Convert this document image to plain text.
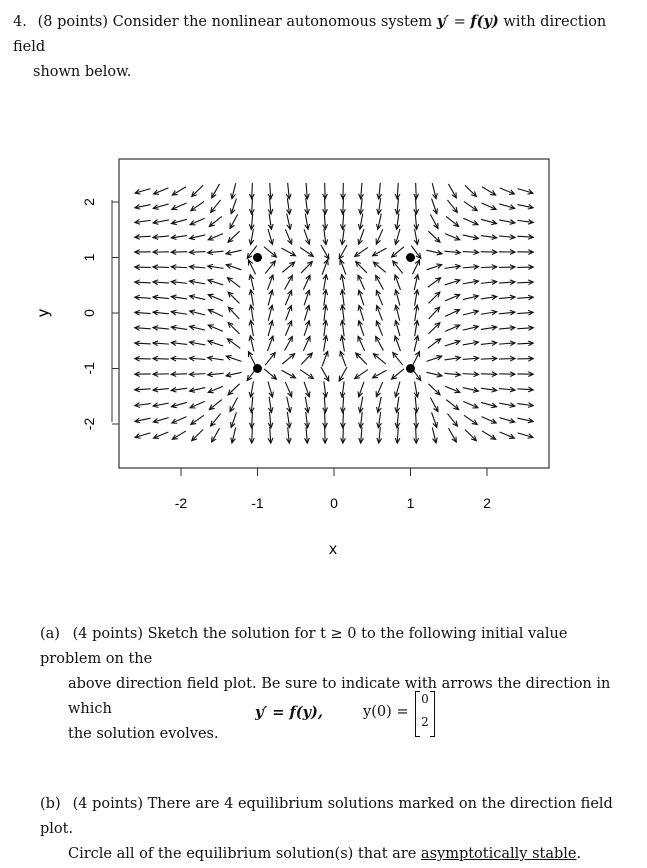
4. (8 points) Consider the nonlinear autonomous system y′ = f(y) with direction field
shown below.
-2	-1	0	1	2
-2
-1
0
1
2
x
y
(a) (4 points) Sketch the solution for t ≥ 0 to the following initial value problem on the
above direction field plot. Be sure to indicate with arrows the direction in which
the solution evolves.
y′ = f(y),	y(0) =
0
2
(b) (4 points) There are 4 equilibrium solutions marked on the direction field plot.
Circle all of the equilibrium solution(s) that are asymptotically stable.
